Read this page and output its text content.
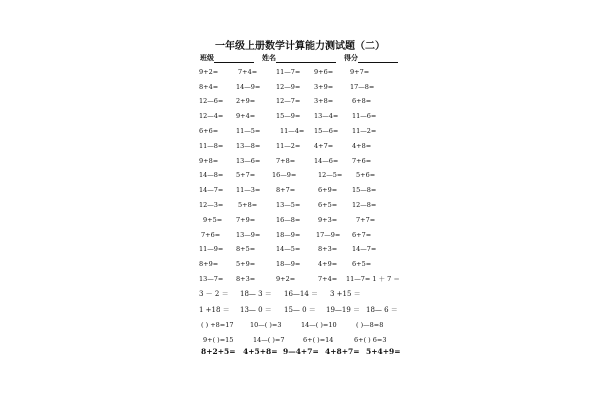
一年级上册数学计算能力测试题（二）
班级	姓名	得分
9+2=	7+4=	11—7= 9+6=	9+7=
8+4=	14—9= 12—9= 3+9=	17—8=
12—6= 2+9=	12—7= 3+8=	6+8=
12—4= 9+4=	15—9= 13—4= 11—6=
6+6=	11—5=	11—4= 15—6= 11—2=
11—8= 13—8= 11—2= 4+7=	4+8=
9+8=	13—6= 7+8=	14—6= 7+6=
14—8= 5+7=	16—9=	12—5= 5+6=
14—7= 11—3= 8+7=	6+9= 15—8=
12—3= 5+8=	13—5=	6+5= 12—8=
9+5= 7+9=	16—8=	9+3=	7+7=
7+6= 13—9= 18—9= 17—9= 6+7=
11—9= 8+5=	14—5=	8+3= 14—7=
8+9=	5+9=	18—9=	4+9= 6+5=
13—7= 8+3=	9+2=	7+4= 11—7= 1 ＋ 7 ＝
3 － 2 ＝ 18— 3 ＝ 16—14 ＝ 3 +15 ＝
1 +18 ＝ 13— 0 ＝ 15— 0 ＝ 19—19 ＝ 18— 6 ＝
( ) +8=17	10—( )=3	14—( )=10	( )—8=8
9+( )=15	14—( )=7	6+( )=14	6+( ) 6=3
8+2+5= 4+5+8= 9—4+7= 4+8+7= 5+4+9=
